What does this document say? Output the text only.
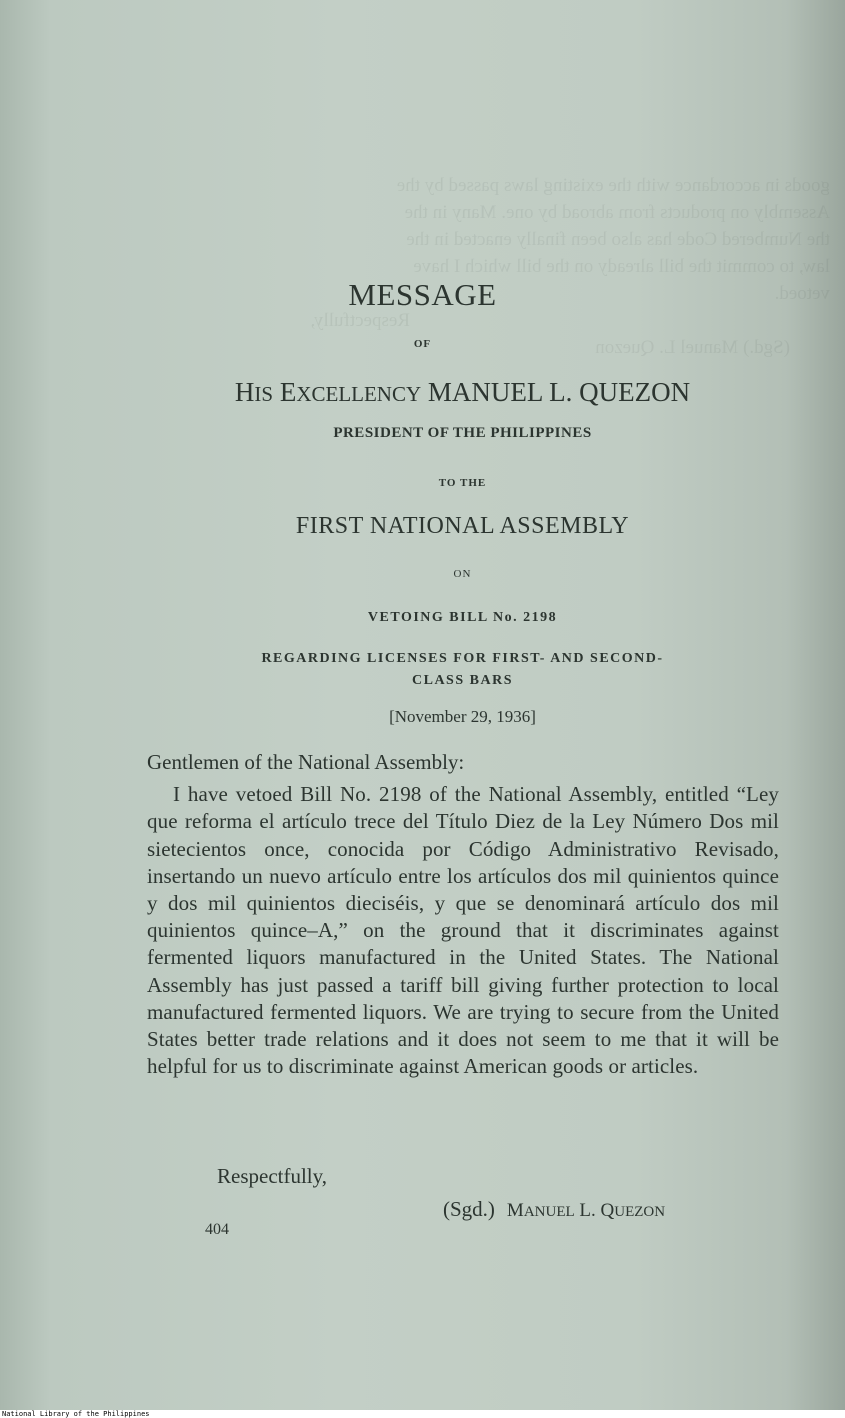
goods in accordance with the existing laws passed by the
Assembly on products from abroad by one. Many in the
the Numbered Code has also been finally enacted in the
law, to commit the bill already on the bill which I have
vetoed.
Respectfully,
(Sgd.) Manuel L. Quezon
MESSAGE
OF
HIS EXCELLENCY MANUEL L. QUEZON
PRESIDENT OF THE PHILIPPINES
TO THE
FIRST NATIONAL ASSEMBLY
ON
VETOING BILL No. 2198
REGARDING LICENSES FOR FIRST- AND SECOND-
CLASS BARS
[November 29, 1936]

Gentlemen of the National Assembly:

I have vetoed Bill No. 2198 of the National Assembly, entitled “Ley que reforma el artículo trece del Título Diez de la Ley Número Dos mil sietecientos once, conocida por Código Administrativo Revisado, insertando un nuevo artículo entre los artículos dos mil quinientos quince y dos mil quinientos dieciséis, y que se denominará artículo dos mil quinientos quince–A,” on the ground that it discriminates against fermented liquors manufactured in the United States. The National Assembly has just passed a tariff bill giving further protection to local manufactured fermented liquors. We are trying to secure from the United States better trade relations and it does not seem to me that it will be helpful for us to discriminate against American goods or articles.

Respectfully,
(Sgd.) MANUEL L. QUEZON
404
National Library of the Philippines
